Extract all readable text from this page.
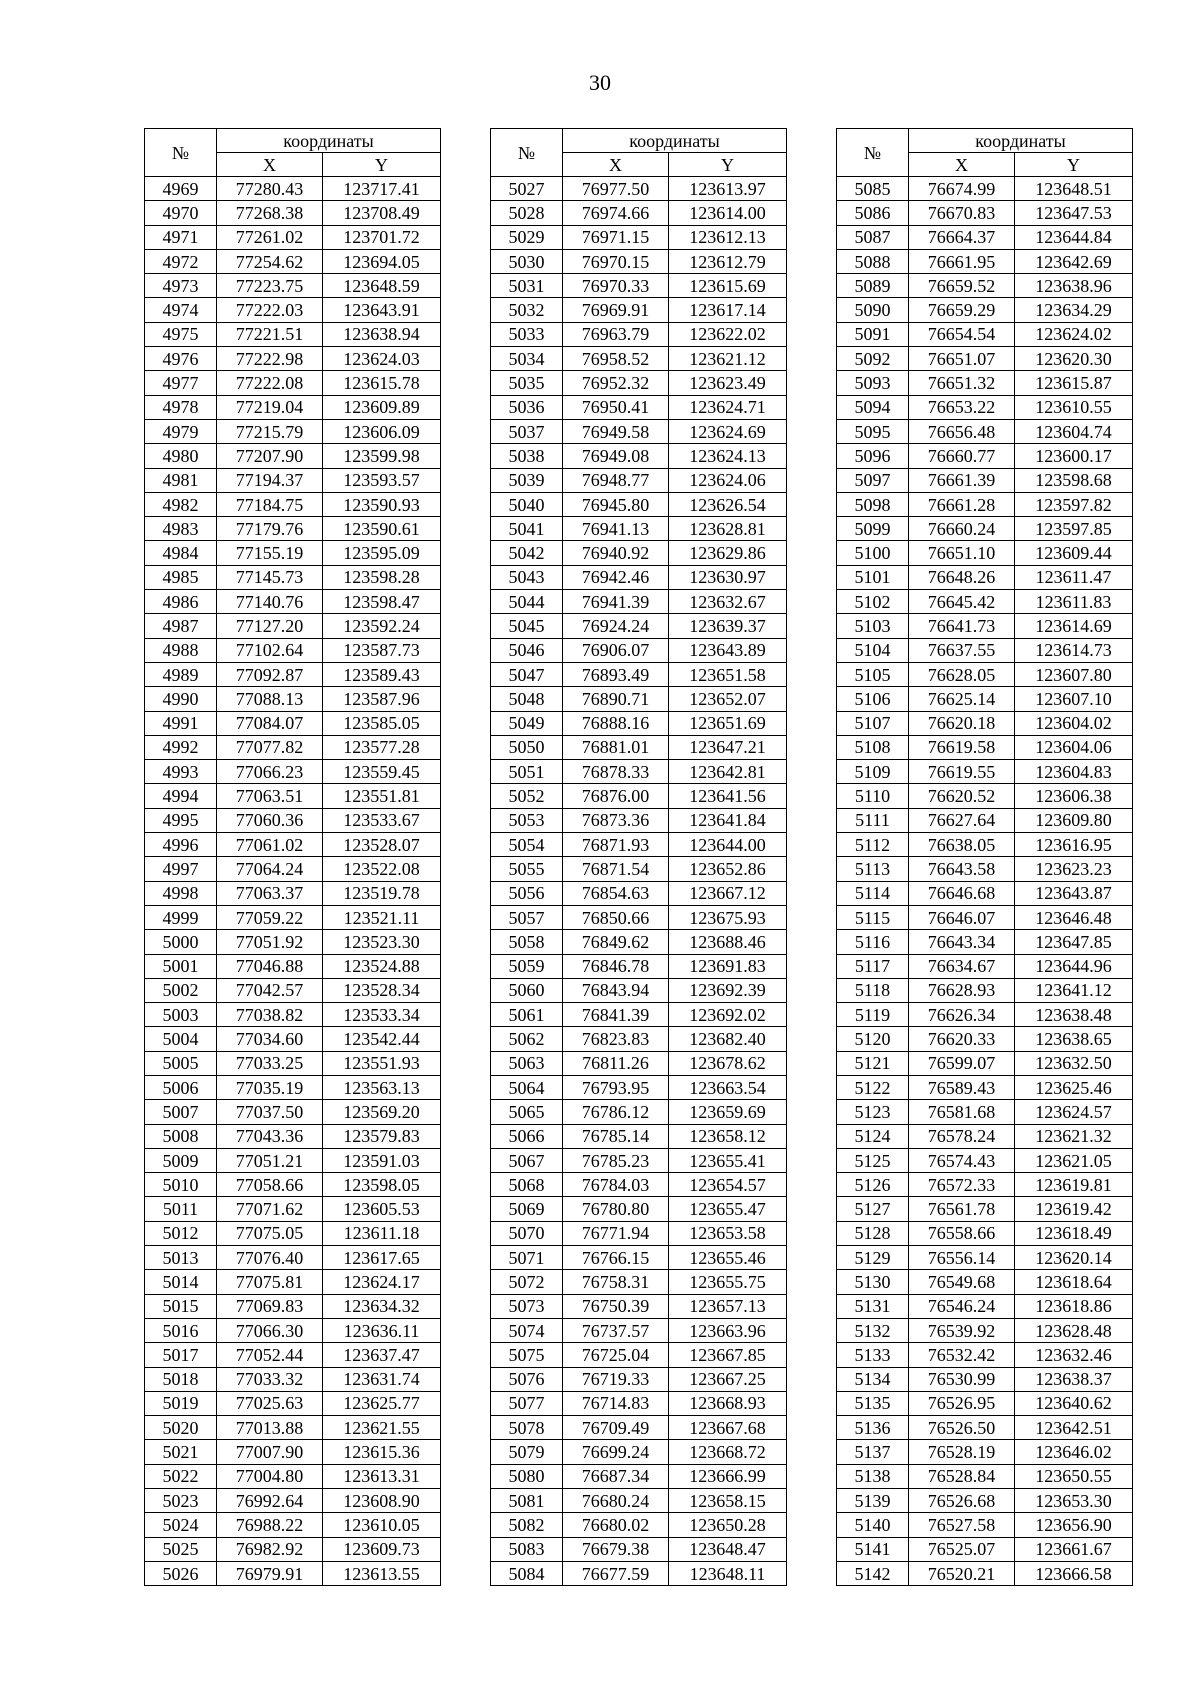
30
№	координаты	
	X	Y
4969	77280.43	123717.41
4970	77268.38	123708.49
4971	77261.02	123701.72
4972	77254.62	123694.05
4973	77223.75	123648.59
4974	77222.03	123643.91
4975	77221.51	123638.94
4976	77222.98	123624.03
4977	77222.08	123615.78
4978	77219.04	123609.89
4979	77215.79	123606.09
4980	77207.90	123599.98
4981	77194.37	123593.57
4982	77184.75	123590.93
4983	77179.76	123590.61
4984	77155.19	123595.09
4985	77145.73	123598.28
4986	77140.76	123598.47
4987	77127.20	123592.24
4988	77102.64	123587.73
4989	77092.87	123589.43
4990	77088.13	123587.96
4991	77084.07	123585.05
4992	77077.82	123577.28
4993	77066.23	123559.45
4994	77063.51	123551.81
4995	77060.36	123533.67
4996	77061.02	123528.07
4997	77064.24	123522.08
4998	77063.37	123519.78
4999	77059.22	123521.11
5000	77051.92	123523.30
5001	77046.88	123524.88
5002	77042.57	123528.34
5003	77038.82	123533.34
5004	77034.60	123542.44
5005	77033.25	123551.93
5006	77035.19	123563.13
5007	77037.50	123569.20
5008	77043.36	123579.83
5009	77051.21	123591.03
5010	77058.66	123598.05
5011	77071.62	123605.53
5012	77075.05	123611.18
5013	77076.40	123617.65
5014	77075.81	123624.17
5015	77069.83	123634.32
5016	77066.30	123636.11
5017	77052.44	123637.47
5018	77033.32	123631.74
5019	77025.63	123625.77
5020	77013.88	123621.55
5021	77007.90	123615.36
5022	77004.80	123613.31
5023	76992.64	123608.90
5024	76988.22	123610.05
5025	76982.92	123609.73
5026	76979.91	123613.55
№	координаты	
	X	Y
5027	76977.50	123613.97
5028	76974.66	123614.00
5029	76971.15	123612.13
5030	76970.15	123612.79
5031	76970.33	123615.69
5032	76969.91	123617.14
5033	76963.79	123622.02
5034	76958.52	123621.12
5035	76952.32	123623.49
5036	76950.41	123624.71
5037	76949.58	123624.69
5038	76949.08	123624.13
5039	76948.77	123624.06
5040	76945.80	123626.54
5041	76941.13	123628.81
5042	76940.92	123629.86
5043	76942.46	123630.97
5044	76941.39	123632.67
5045	76924.24	123639.37
5046	76906.07	123643.89
5047	76893.49	123651.58
5048	76890.71	123652.07
5049	76888.16	123651.69
5050	76881.01	123647.21
5051	76878.33	123642.81
5052	76876.00	123641.56
5053	76873.36	123641.84
5054	76871.93	123644.00
5055	76871.54	123652.86
5056	76854.63	123667.12
5057	76850.66	123675.93
5058	76849.62	123688.46
5059	76846.78	123691.83
5060	76843.94	123692.39
5061	76841.39	123692.02
5062	76823.83	123682.40
5063	76811.26	123678.62
5064	76793.95	123663.54
5065	76786.12	123659.69
5066	76785.14	123658.12
5067	76785.23	123655.41
5068	76784.03	123654.57
5069	76780.80	123655.47
5070	76771.94	123653.58
5071	76766.15	123655.46
5072	76758.31	123655.75
5073	76750.39	123657.13
5074	76737.57	123663.96
5075	76725.04	123667.85
5076	76719.33	123667.25
5077	76714.83	123668.93
5078	76709.49	123667.68
5079	76699.24	123668.72
5080	76687.34	123666.99
5081	76680.24	123658.15
5082	76680.02	123650.28
5083	76679.38	123648.47
5084	76677.59	123648.11
№	координаты	
	X	Y
5085	76674.99	123648.51
5086	76670.83	123647.53
5087	76664.37	123644.84
5088	76661.95	123642.69
5089	76659.52	123638.96
5090	76659.29	123634.29
5091	76654.54	123624.02
5092	76651.07	123620.30
5093	76651.32	123615.87
5094	76653.22	123610.55
5095	76656.48	123604.74
5096	76660.77	123600.17
5097	76661.39	123598.68
5098	76661.28	123597.82
5099	76660.24	123597.85
5100	76651.10	123609.44
5101	76648.26	123611.47
5102	76645.42	123611.83
5103	76641.73	123614.69
5104	76637.55	123614.73
5105	76628.05	123607.80
5106	76625.14	123607.10
5107	76620.18	123604.02
5108	76619.58	123604.06
5109	76619.55	123604.83
5110	76620.52	123606.38
5111	76627.64	123609.80
5112	76638.05	123616.95
5113	76643.58	123623.23
5114	76646.68	123643.87
5115	76646.07	123646.48
5116	76643.34	123647.85
5117	76634.67	123644.96
5118	76628.93	123641.12
5119	76626.34	123638.48
5120	76620.33	123638.65
5121	76599.07	123632.50
5122	76589.43	123625.46
5123	76581.68	123624.57
5124	76578.24	123621.32
5125	76574.43	123621.05
5126	76572.33	123619.81
5127	76561.78	123619.42
5128	76558.66	123618.49
5129	76556.14	123620.14
5130	76549.68	123618.64
5131	76546.24	123618.86
5132	76539.92	123628.48
5133	76532.42	123632.46
5134	76530.99	123638.37
5135	76526.95	123640.62
5136	76526.50	123642.51
5137	76528.19	123646.02
5138	76528.84	123650.55
5139	76526.68	123653.30
5140	76527.58	123656.90
5141	76525.07	123661.67
5142	76520.21	123666.58
